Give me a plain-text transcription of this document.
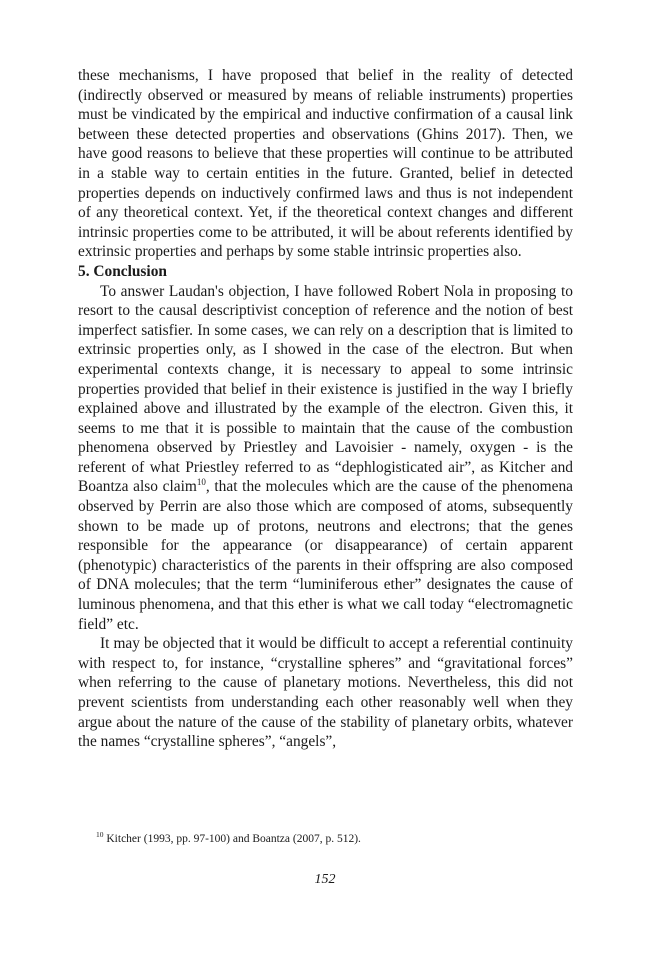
these mechanisms, I have proposed that belief in the reality of detected (indirectly observed or measured by means of reliable instruments) properties must be vindicated by the empirical and inductive confirmation of a causal link between these detected properties and observations (Ghins 2017). Then, we have good reasons to believe that these properties will continue to be attributed in a stable way to certain entities in the future. Granted, belief in detected properties depends on inductively confirmed laws and thus is not independent of any theoretical context. Yet, if the theoretical context changes and different intrinsic properties come to be attributed, it will be about referents identified by extrinsic properties and perhaps by some stable intrinsic properties also.

5. Conclusion

To answer Laudan's objection, I have followed Robert Nola in proposing to resort to the causal descriptivist conception of reference and the notion of best imperfect satisfier. In some cases, we can rely on a description that is limited to extrinsic properties only, as I showed in the case of the electron. But when experimental contexts change, it is necessary to appeal to some intrinsic properties provided that belief in their existence is justified in the way I briefly explained above and illustrated by the example of the electron. Given this, it seems to me that it is possible to maintain that the cause of the combustion phenomena observed by Priestley and Lavoisier - namely, oxygen - is the referent of what Priestley referred to as “dephlogisticated air”, as Kitcher and Boantza also claim$^{10}$, that the molecules which are the cause of the phenomena observed by Perrin are also those which are composed of atoms, subsequently shown to be made up of protons, neutrons and electrons; that the genes responsible for the appearance (or disappearance) of certain apparent (phenotypic) characteristics of the parents in their offspring are also composed of DNA molecules; that the term “luminiferous ether” designates the cause of luminous phenomena, and that this ether is what we call today “electromagnetic field” etc.

It may be objected that it would be difficult to accept a referential continuity with respect to, for instance, “crystalline spheres” and “gravitational forces” when referring to the cause of planetary motions. Nevertheless, this did not prevent scientists from understanding each other reasonably well when they argue about the nature of the cause of the stability of planetary orbits, whatever the names “crystalline spheres”, “angels”,

$^{10}$ Kitcher (1993, pp. 97-100) and Boantza (2007, p. 512).
152
